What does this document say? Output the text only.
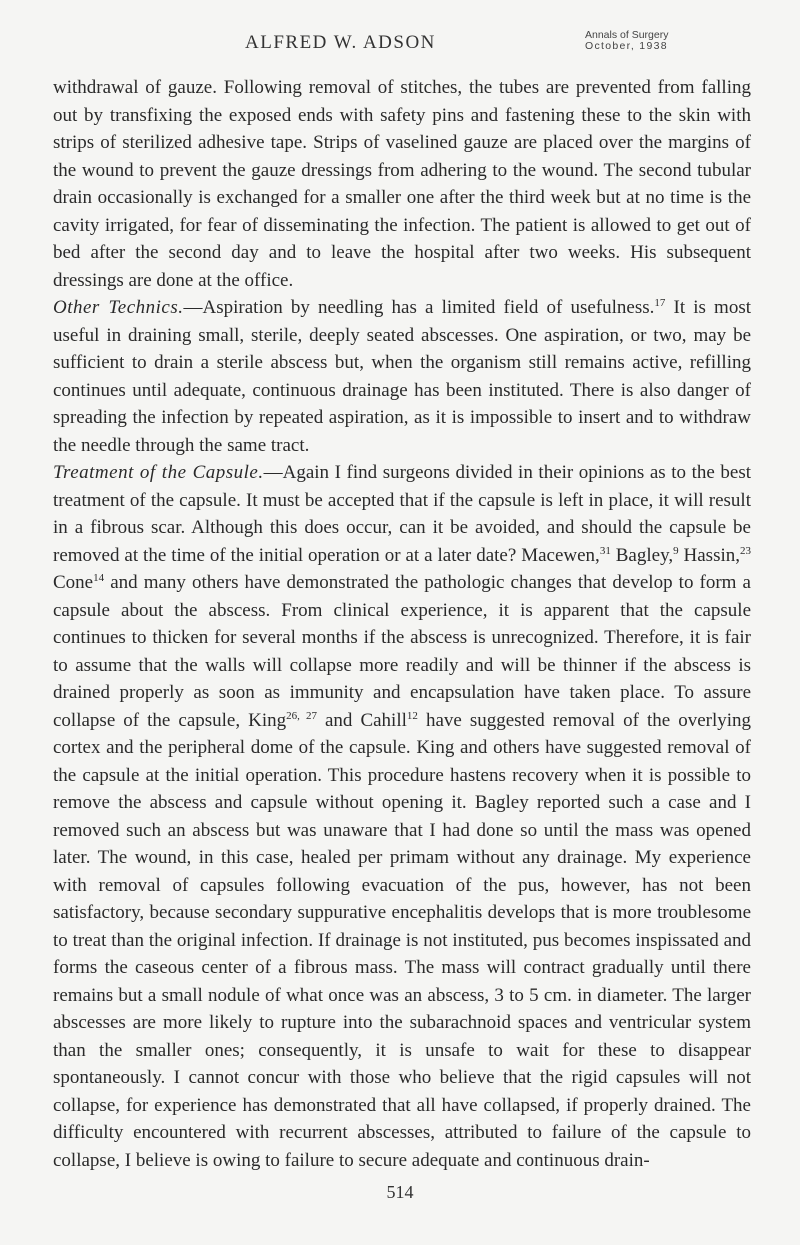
ALFRED W. ADSON	Annals of Surgery
October, 1938

withdrawal of gauze. Following removal of stitches, the tubes are prevented from falling out by transfixing the exposed ends with safety pins and fastening these to the skin with strips of sterilized adhesive tape. Strips of vaselined gauze are placed over the margins of the wound to prevent the gauze dressings from adhering to the wound. The second tubular drain occasionally is exchanged for a smaller one after the third week but at no time is the cavity irrigated, for fear of disseminating the infection. The patient is allowed to get out of bed after the second day and to leave the hospital after two weeks. His subsequent dressings are done at the office.

Other Technics.—Aspiration by needling has a limited field of usefulness.$^{17}$ It is most useful in draining small, sterile, deeply seated abscesses. One aspiration, or two, may be sufficient to drain a sterile abscess but, when the organism still remains active, refilling continues until adequate, continuous drainage has been instituted. There is also danger of spreading the infection by repeated aspiration, as it is impossible to insert and to withdraw the needle through the same tract.

Treatment of the Capsule.—Again I find surgeons divided in their opinions as to the best treatment of the capsule. It must be accepted that if the capsule is left in place, it will result in a fibrous scar. Although this does occur, can it be avoided, and should the capsule be removed at the time of the initial operation or at a later date? Macewen,$^{31}$ Bagley,$^9$ Hassin,$^{23}$ Cone$^{14}$ and many others have demonstrated the pathologic changes that develop to form a capsule about the abscess. From clinical experience, it is apparent that the capsule continues to thicken for several months if the abscess is unrecognized. Therefore, it is fair to assume that the walls will collapse more readily and will be thinner if the abscess is drained properly as soon as immunity and encapsulation have taken place. To assure collapse of the capsule, King$^{26, 27}$ and Cahill$^{12}$ have suggested removal of the overlying cortex and the peripheral dome of the capsule. King and others have suggested removal of the capsule at the initial operation. This procedure hastens recovery when it is possible to remove the abscess and capsule without opening it. Bagley reported such a case and I removed such an abscess but was unaware that I had done so until the mass was opened later. The wound, in this case, healed per primam without any drainage. My experience with removal of capsules following evacuation of the pus, however, has not been satisfactory, because secondary suppurative encephalitis develops that is more troublesome to treat than the original infection. If drainage is not instituted, pus becomes inspissated and forms the caseous center of a fibrous mass. The mass will contract gradually until there remains but a small nodule of what once was an abscess, 3 to 5 cm. in diameter. The larger abscesses are more likely to rupture into the subarachnoid spaces and ventricular system than the smaller ones; consequently, it is unsafe to wait for these to disappear spontaneously. I cannot concur with those who believe that the rigid capsules will not collapse, for experience has demonstrated that all have collapsed, if properly drained. The difficulty encountered with recurrent abscesses, attributed to failure of the capsule to collapse, I believe is owing to failure to secure adequate and continuous drain-

514
